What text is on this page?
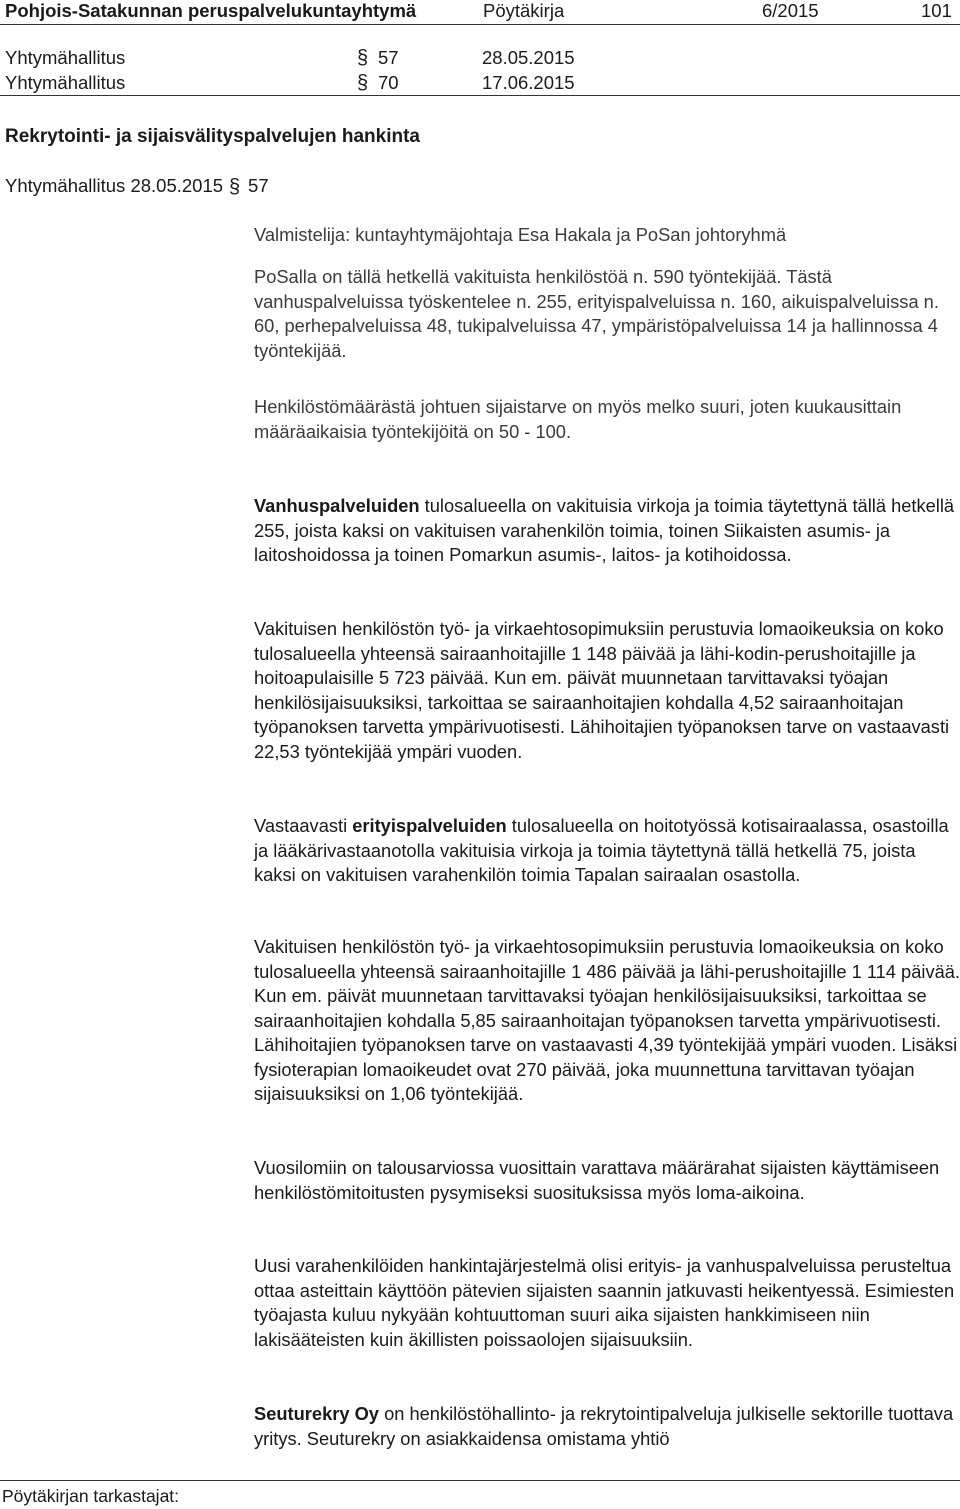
Pohjois-Satakunnan peruspalvelukuntayhtymä	Pöytäkirja	6/2015	101
Yhtymähallitus	§ 57	28.05.2015
Yhtymähallitus	§ 70	17.06.2015
Rekrytointi- ja sijaisvälityspalvelujen hankinta
Yhtymähallitus 28.05.2015 § 57

Valmistelija: kuntayhtymäjohtaja Esa Hakala ja PoSan johtoryhmä

PoSalla on tällä hetkellä vakituista henkilöstöä n. 590 työntekijää. Tästä vanhuspalveluissa työskentelee n. 255, erityispalveluissa n. 160, aikuispalveluissa n. 60, perhepalveluissa 48, tukipalveluissa 47, ympäristöpalveluissa 14 ja hallinnossa 4 työntekijää.

Henkilöstömäärästä johtuen sijaistarve on myös melko suuri, joten kuukausittain määräaikaisia työntekijöitä on 50 - 100.

Vanhuspalveluiden tulosalueella on vakituisia virkoja ja toimia täytettynä tällä hetkellä 255, joista kaksi on vakituisen varahenkilön toimia, toinen Siikaisten asumis- ja laitoshoidossa ja toinen Pomarkun asumis-, laitos- ja kotihoidossa.

Vakituisen henkilöstön työ- ja virkaehtosopimuksiin perustuvia lomaoikeuksia on koko tulosalueella yhteensä sairaanhoitajille 1 148 päivää ja lähi-kodin-perushoitajille ja hoitoapulaisille 5 723 päivää. Kun em. päivät muunnetaan tarvittavaksi työajan henkilösijaisuuksiksi, tarkoittaa se sairaanhoitajien kohdalla 4,52 sairaanhoitajan työpanoksen tarvetta ympärivuotisesti. Lähihoitajien työpanoksen tarve on vastaavasti 22,53 työntekijää ympäri vuoden.

Vastaavasti erityispalveluiden tulosalueella on hoitotyössä kotisairaalassa, osastoilla ja lääkärivastaanotolla vakituisia virkoja ja toimia täytettynä tällä hetkellä 75, joista kaksi on vakituisen varahenkilön toimia Tapalan sairaalan osastolla.

Vakituisen henkilöstön työ- ja virkaehtosopimuksiin perustuvia lomaoikeuksia on koko tulosalueella yhteensä sairaanhoitajille 1 486 päivää ja lähi-perushoitajille 1 114 päivää. Kun em. päivät muunnetaan tarvittavaksi työajan henkilösijaisuuksiksi, tarkoittaa se sairaanhoitajien kohdalla 5,85 sairaanhoitajan työpanoksen tarvetta ympärivuotisesti. Lähihoitajien työpanoksen tarve on vastaavasti 4,39 työntekijää ympäri vuoden. Lisäksi fysioterapian lomaoikeudet ovat 270 päivää, joka muunnettuna tarvittavan työajan sijaisuuksiksi on 1,06 työntekijää.

Vuosilomiin on talousarviossa vuosittain varattava määrärahat sijaisten käyttämiseen henkilöstömitoitusten pysymiseksi suosituksissa myös loma-aikoina.

Uusi varahenkilöiden hankintajärjestelmä olisi erityis- ja vanhuspalveluissa perusteltua ottaa asteittain käyttöön pätevien sijaisten saannin jatkuvasti heikentyessä. Esimiesten työajasta kuluu nykyään kohtuuttoman suuri aika sijaisten hankkimiseen niin lakisääteisten kuin äkillisten poissaolojen sijaisuuksiin.

Seuturekry Oy on henkilöstöhallinto- ja rekrytointipalveluja julkiselle sektorille tuottava yritys. Seuturekry on asiakkaidensa omistama yhtiö

Pöytäkirjan tarkastajat:
